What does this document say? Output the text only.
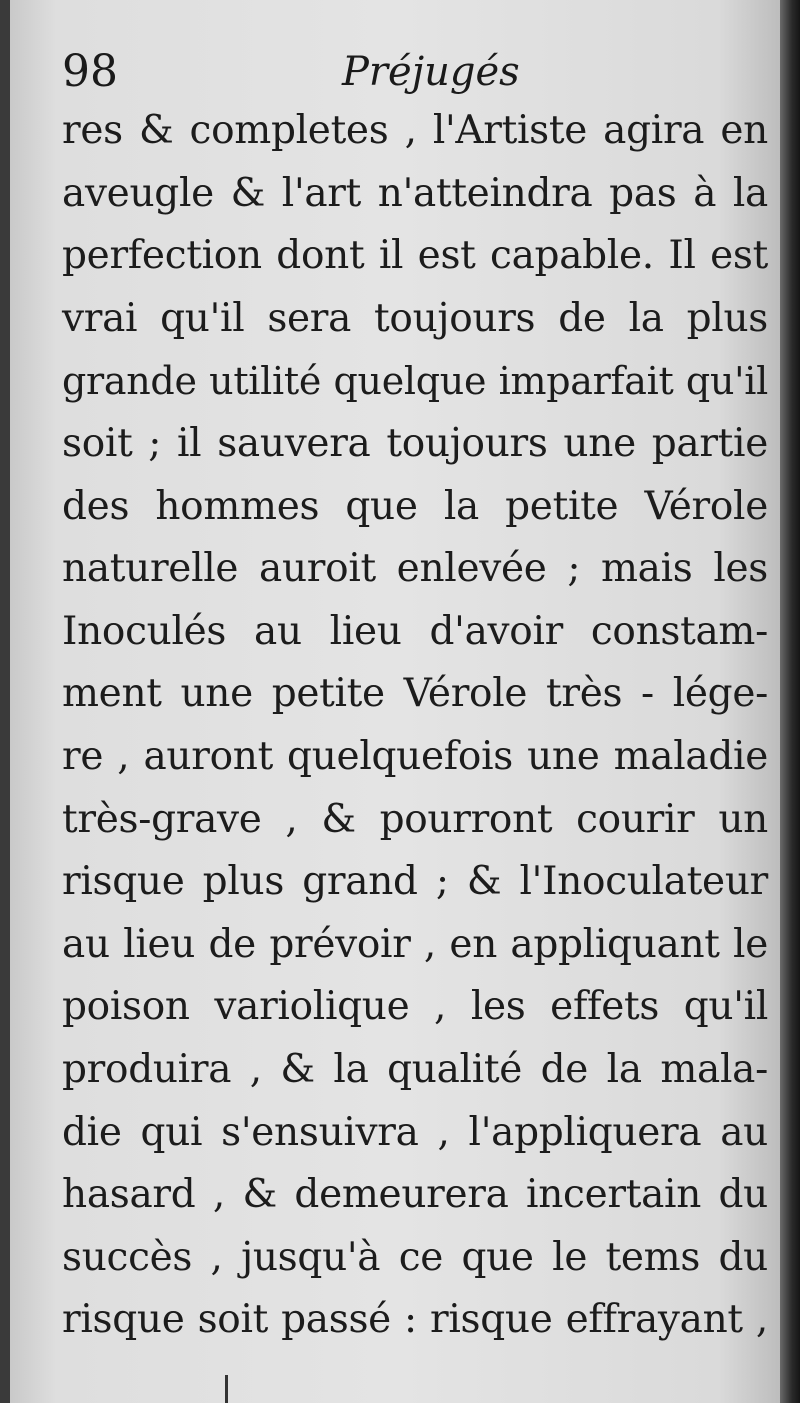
98	Préjugés
res & completes , l'Artiste agira en
aveugle & l'art n'atteindra pas à la
perfection dont il est capable. Il est
vrai qu'il sera toujours de la plus
grande utilité quelque imparfait qu'il
soit ; il sauvera toujours une partie
des hommes que la petite Vérole
naturelle auroit enlevée ; mais les
Inoculés au lieu d'avoir constam-
ment une petite Vérole très - lége-
re , auront quelquefois une maladie
très-grave , & pourront courir un
risque plus grand ; & l'Inoculateur
au lieu de prévoir , en appliquant le
poison variolique , les effets qu'il
produira , & la qualité de la mala-
die qui s'ensuivra , l'appliquera au
hasard , & demeurera incertain du
succès , jusqu'à ce que le tems du
risque soit passé : risque effrayant ,
